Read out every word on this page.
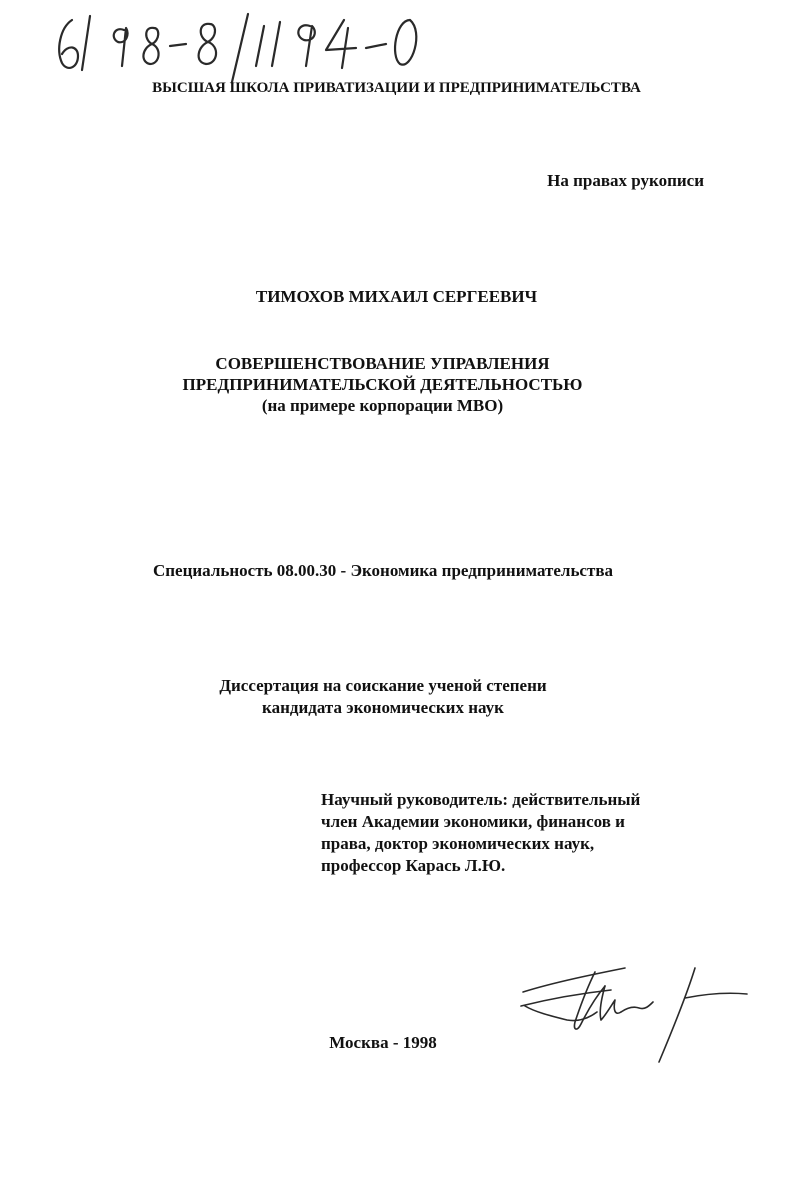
ВЫСШАЯ ШКОЛА ПРИВАТИЗАЦИИ И ПРЕДПРИНИМАТЕЛЬСТВА

На правах рукописи

ТИМОХОВ МИХАИЛ СЕРГЕЕВИЧ

СОВЕРШЕНСТВОВАНИЕ УПРАВЛЕНИЯ
ПРЕДПРИНИМАТЕЛЬСКОЙ ДЕЯТЕЛЬНОСТЬЮ
(на примере корпорации МВО)

Специальность 08.00.30 - Экономика предпринимательства

Диссертация на соискание ученой степени
кандидата экономических наук
Научный руководитель: действительный
член Академии экономики, финансов и
права, доктор экономических наук,
профессор Карась Л.Ю.

Москва - 1998
